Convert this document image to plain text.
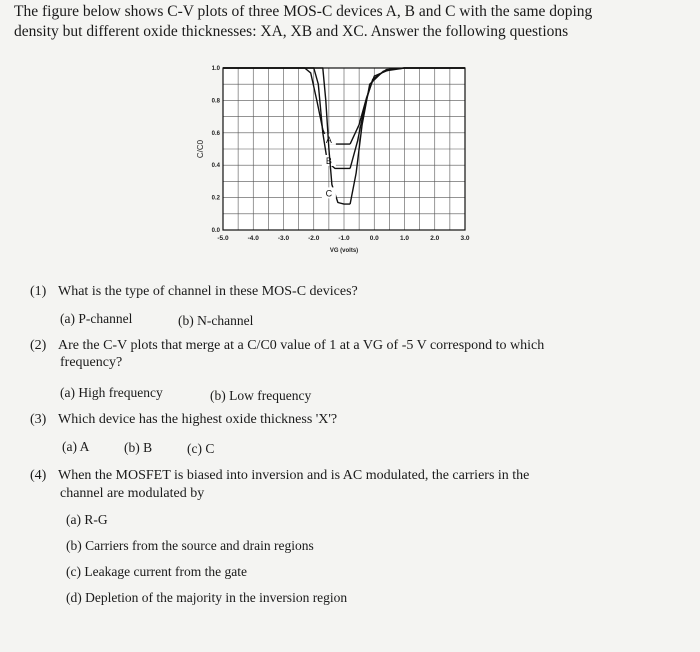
The figure below shows C-V plots of three MOS-C devices A, B and C with the same doping

density but different oxide thicknesses: XA, XB and XC. Answer the following questions

-5.0	-4.0	-3.0	-2.0	-1.0	0.0	1.0	2.0	3.0
0.0
0.2
0.4
0.6
0.8
1.0
VG (volts)
C/C0	A
B
C
(1) What is the type of channel in these MOS-C devices?
(a) P-channel	(b) N-channel
(2) Are the C-V plots that merge at a C/C0 value of 1 at a VG of -5 V correspond to which
frequency?
(a) High frequency	(b) Low frequency
(3) Which device has the highest oxide thickness 'X'?
(a) A	(b) B	(c) C
(4) When the MOSFET is biased into inversion and is AC modulated, the carriers in the
channel are modulated by
(a) R-G
(b) Carriers from the source and drain regions
(c) Leakage current from the gate
(d) Depletion of the majority in the inversion region
